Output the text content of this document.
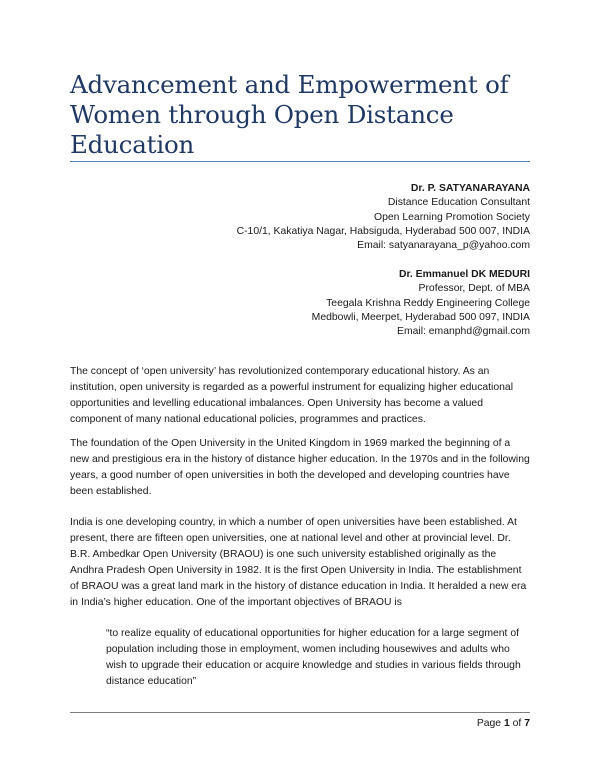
Advancement and Empowerment of Women through Open Distance Education
Dr. P. SATYANARAYANA
Distance Education Consultant
Open Learning Promotion Society
C-10/1, Kakatiya Nagar, Habsiguda, Hyderabad 500 007, INDIA
Email: satyanarayana_p@yahoo.com
Dr. Emmanuel DK MEDURI
Professor, Dept. of MBA
Teegala Krishna Reddy Engineering College
Medbowli, Meerpet, Hyderabad 500 097, INDIA
Email: emanphd@gmail.com

The concept of ‘open university’ has revolutionized contemporary educational history. As an institution, open university is regarded as a powerful instrument for equalizing higher educational opportunities and levelling educational imbalances. Open University has become a valued component of many national educational policies, programmes and practices.

The foundation of the Open University in the United Kingdom in 1969 marked the beginning of a new and prestigious era in the history of distance higher education. In the 1970s and in the following years, a good number of open universities in both the developed and developing countries have been established.

India is one developing country, in which a number of open universities have been established. At present, there are fifteen open universities, one at national level and other at provincial level. Dr. B.R. Ambedkar Open University (BRAOU) is one such university established originally as the Andhra Pradesh Open University in 1982. It is the first Open University in India. The establishment of BRAOU was a great land mark in the history of distance education in India. It heralded a new era in India’s higher education. One of the important objectives of BRAOU is

“to realize equality of educational opportunities for higher education for a large segment of population including those in employment, women including housewives and adults who wish to upgrade their education or acquire knowledge and studies in various fields through distance education”

Page 1 of 7
